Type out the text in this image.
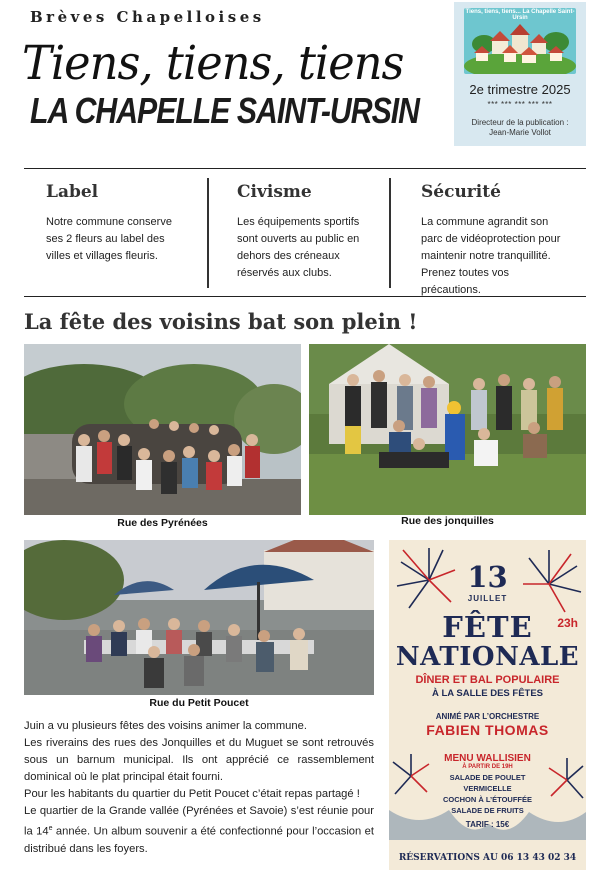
Brèves Chapelloises
Tiens, tiens, tiens
LA CHAPELLE SAINT-URSIN
Tiens, tiens, tiens... La Chapelle Saint-Ursin
2e trimestre 2025
*** *** *** *** ***
Directeur de la publication :
Jean-Marie Vollot
Label
Notre commune conserve ses 2 fleurs au label des villes et villages fleuris.
Civisme
Les équipements sportifs sont ouverts au public en dehors des créneaux réservés aux clubs.
Sécurité
La commune agrandit son parc de vidéoprotection pour maintenir notre tranquillité. Prenez toutes vos précautions.
La fête des voisins bat son plein !
Rue des Pyrénées	Rue des jonquilles
Rue du Petit Poucet

Juin a vu plusieurs fêtes des voisins animer la commune.

Les riverains des rues des Jonquilles et du Muguet se sont retrouvés sous un barnum municipal. Ils ont apprécié ce rassemblement dominical où le plat principal était fourni.

Pour les habitants du quartier du Petit Poucet c’était repas partagé !

Le quartier de la Grande vallée (Pyrénées et Savoie) s’est réunie pour la 14e année. Un album souvenir a été confectionné pour l’occasion et distribué dans les foyers.

13
JUILLET
23h
FÊTE
NATIONALE
DÎNER ET BAL POPULAIRE
À LA SALLE DES FÊTES
ANIMÉ PAR L’ORCHESTRE
FABIEN THOMAS
MENU WALLISIEN
À PARTIR DE 19H
SALADE DE POULET
VERMICELLE
COCHON À L’ÉTOUFFÉE
SALADE DE FRUITS
TARIF : 15€
RÉSERVATIONS AU 06 13 43 02 34
